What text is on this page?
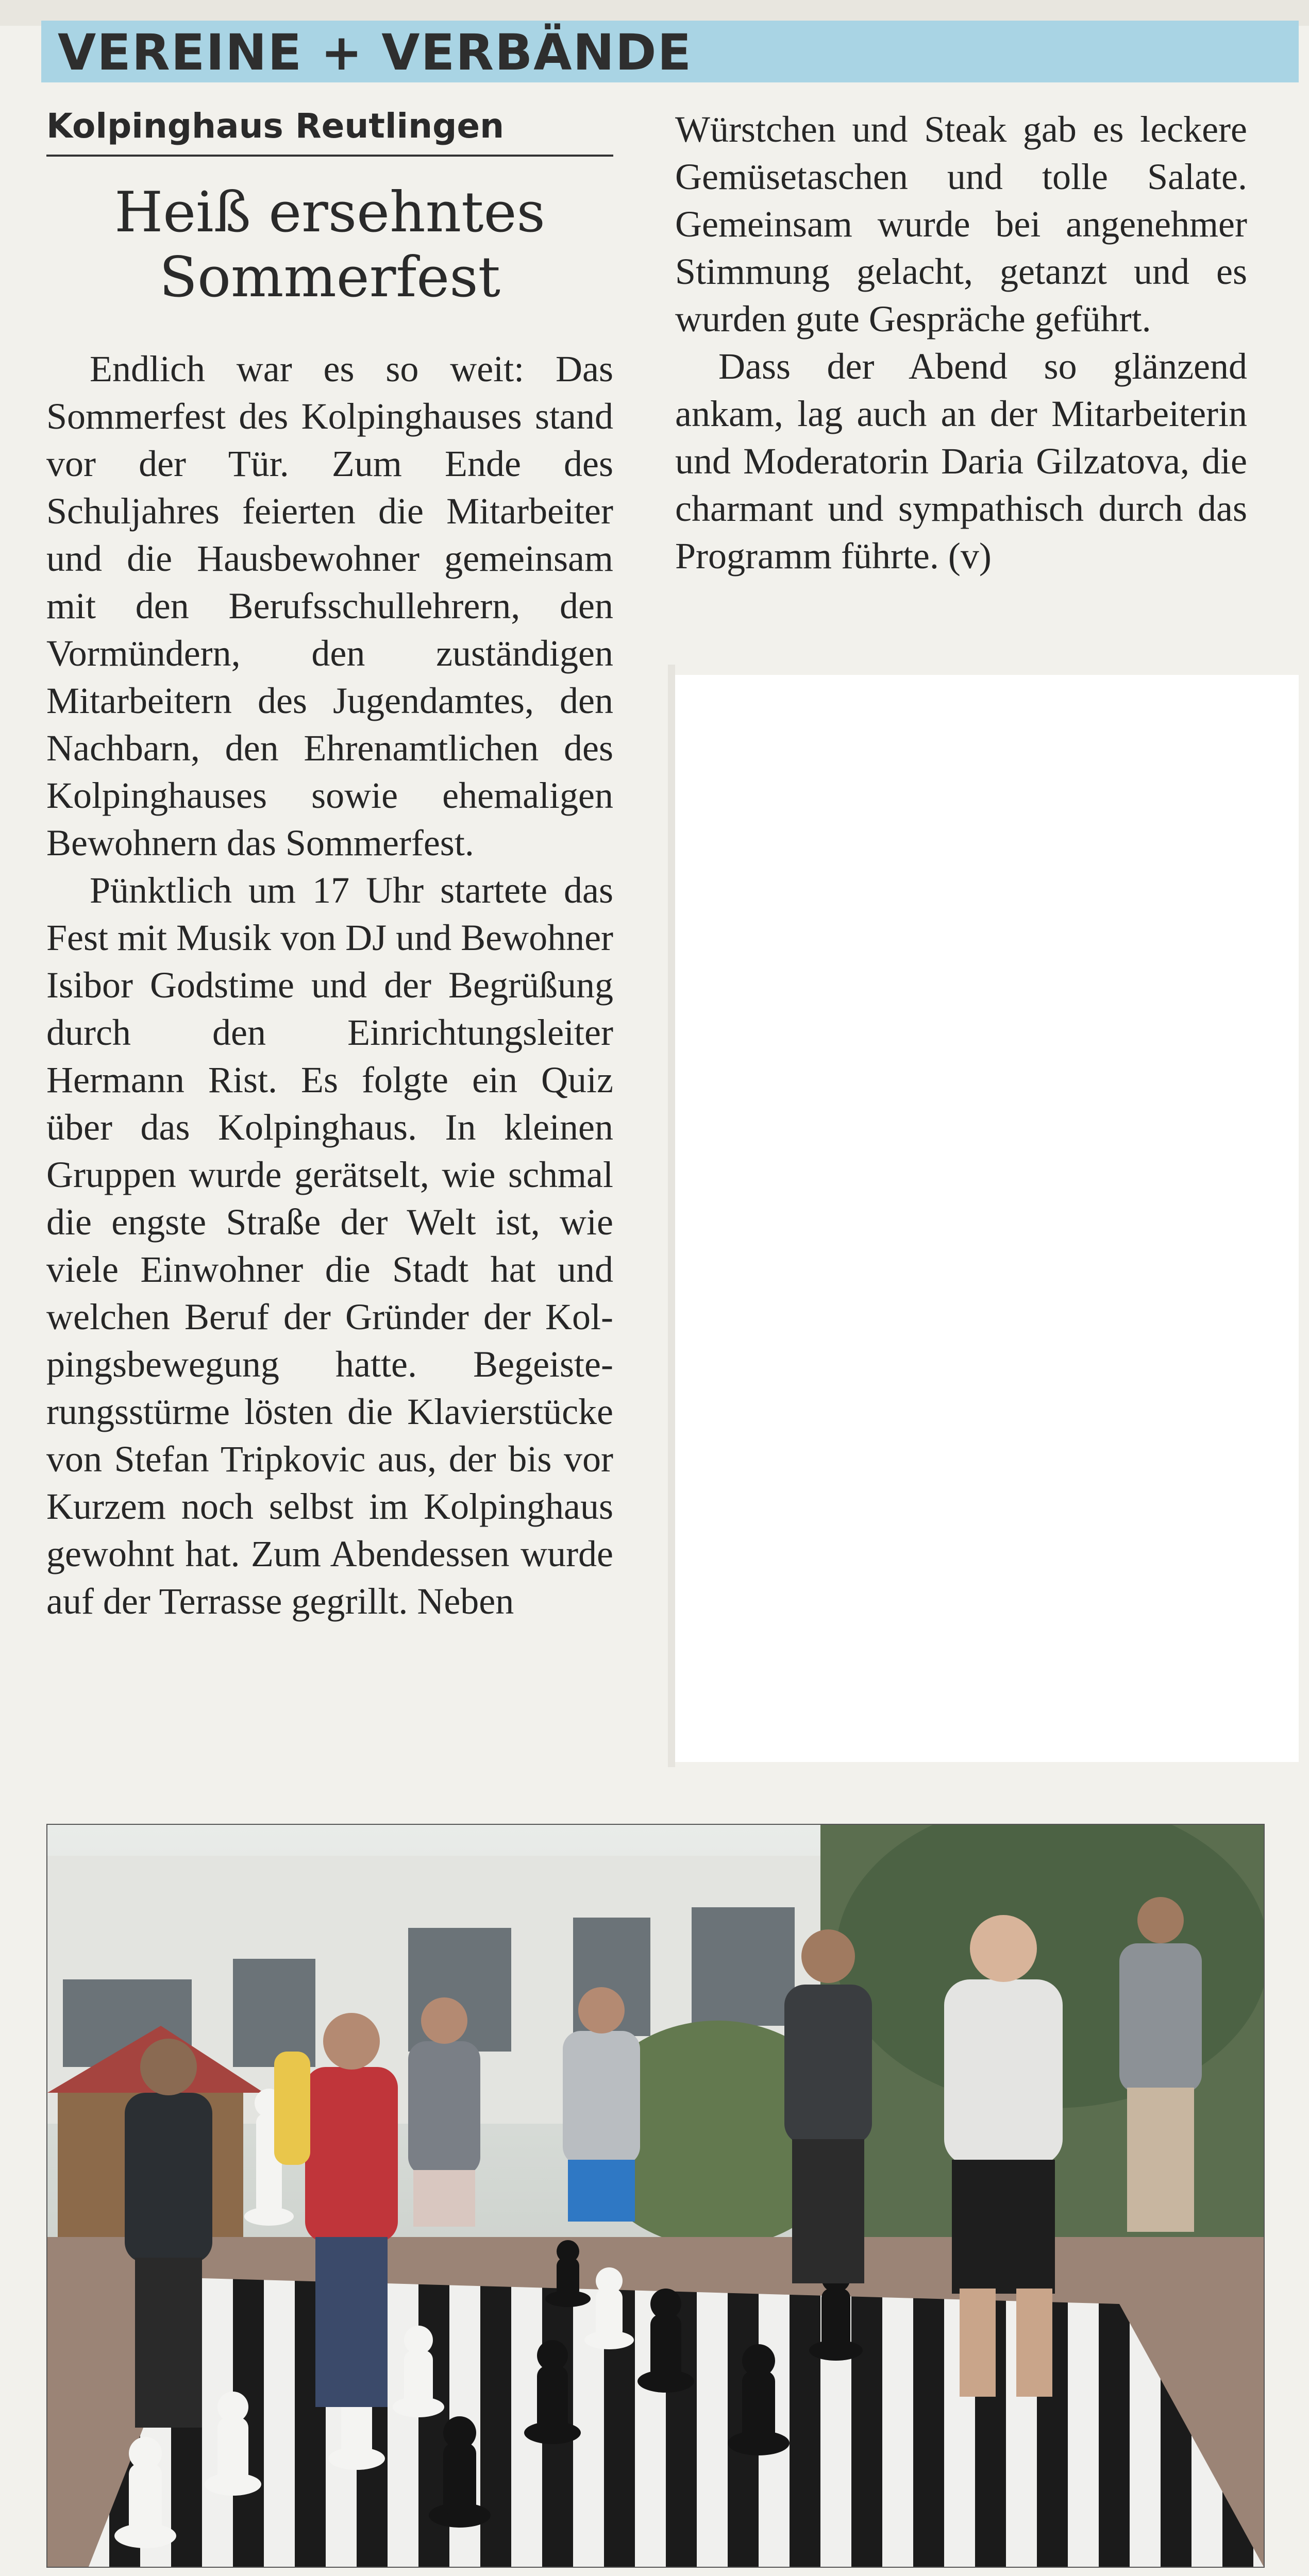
VEREINE + VERBÄNDE
Kolpinghaus Reutlingen
Heiß ersehntes
Sommerfest

Endlich war es so weit: Das Sommerfest des Kolpinghauses stand vor der Tür. Zum Ende des Schuljahres feierten die Mitarbeiter und die Hausbewohner gemeinsam mit den Berufsschullehrern, den Vormündern, den zuständigen Mitarbeitern des Jugendamtes, den Nachbarn, den Ehrenamtlichen des Kolpinghauses sowie ehemaligen Bewohnern das Sommerfest.

Pünktlich um 17 Uhr startete das Fest mit Musik von DJ und Bewohner Isibor Godstime und der Begrüßung durch den Einrichtungsleiter Hermann Rist. Es folgte ein Quiz über das Kolpinghaus. In kleinen Gruppen wurde gerätselt, wie schmal die engste Straße der Welt ist, wie viele Einwohner die Stadt hat und welchen Beruf der Gründer der Kolpingsbewegung hatte. Begeisterungsstürme lösten die Klavierstücke von Stefan Tripkovic aus, der bis vor Kurzem noch selbst im Kolpinghaus gewohnt hat. Zum Abendessen wurde auf der Terrasse gegrillt. Neben

Würstchen und Steak gab es leckere Gemüsetaschen und tolle Salate. Gemeinsam wurde bei angenehmer Stimmung gelacht, getanzt und es wurden gute Gespräche geführt.

Dass der Abend so glänzend ankam, lag auch an der Mitarbeiterin und Moderatorin Daria Gilzatova, die charmant und sympathisch durch das Programm führte. (v)
